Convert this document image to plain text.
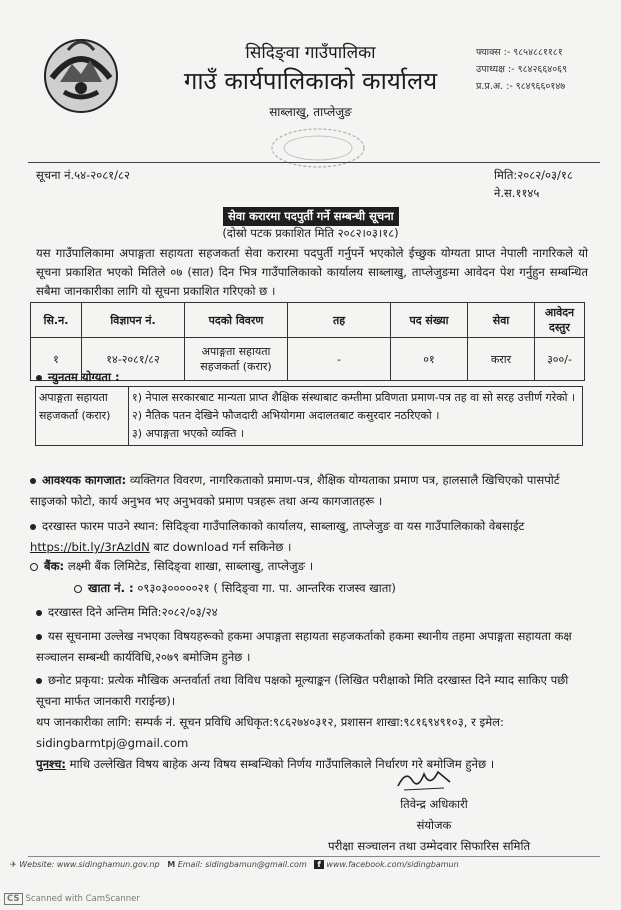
सिदिङ्वा गाउँपालिका
गाउँ कार्यपालिकाको कार्यालय
साब्लाखु, ताप्लेजुङ
फ्याक्स :- ९८५४८८११८१
उपाध्यक्ष :- ९८४२६६४०६९
प्र.प्र.अ. :- ९८४९६६०१४७
सूचना नं.५४-२०८१/८२	मिति:२०८२/०३/१८
ने.स.११४५
सेवा करारमा पदपुर्ती गर्ने सम्बन्धी सूचना
(दोस्रो पटक प्रकाशित मिति २०८२।०३।१८)
यस गाउँपालिकामा अपाङ्गता सहायता सहजकर्ता सेवा करारमा पदपुर्ती गर्नुपर्ने भएकोले ईच्छुक योग्यता प्राप्त नेपाली नागरिकले यो सूचना प्रकाशित भएको मितिले ०७ (सात) दिन भित्र गाउँपालिकाको कार्यालय साब्लाखु, ताप्लेजुङमा आवेदन पेश गर्नुहुन सम्बन्धित सबैमा जानकारीका लागि यो सूचना प्रकाशित गरिएको छ ।
सि.न.	विज्ञापन नं.	पदको विवरण	तह	पद संख्या	सेवा	आवेदन दस्तुर
१	१४-२०८१/८२	अपाङ्गता सहायता सहजकर्ता (करार)	-	०१	करार	३००/-
न्युनतम योग्यता :
अपाङ्गता सहायता सहजकर्ता (करार)	
१) नेपाल सरकारबाट मान्यता प्राप्त शैक्षिक संस्थाबाट कम्तीमा प्रविणता प्रमाण-पत्र तह वा सो सरह उत्तीर्ण गरेको ।
२) नैतिक पतन देखिने फौजदारी अभियोगमा अदालतबाट कसुरदार नठरिएको ।
३) अपाङ्गता भएको व्यक्ति ।
आवश्यक कागजात: व्यक्तिगत विवरण, नागरिकताको प्रमाण-पत्र, शैक्षिक योग्यताका प्रमाण पत्र, हालसालै खिचिएको पासपोर्ट साइजको फोटो, कार्य अनुभव भए अनुभवको प्रमाण पत्रहरू तथा अन्य कागजातहरू ।
दरखास्त फारम पाउने स्थान: सिदिङ्वा गाउँपालिकाको कार्यालय, साब्लाखु, ताप्लेजुङ वा यस गाउँपालिकाको वेबसाईट https://bit.ly/3rAzldN बाट download गर्न सकिनेछ ।
बैंक: लक्ष्मी बैंक लिमिटेड, सिदिङ्वा शाखा, साब्लाखु, ताप्लेजुङ ।
खाता नं. : ०९३०३०००००२१ ( सिदिङ्वा गा. पा. आन्तरिक राजस्व खाता)
दरखास्त दिने अन्तिम मिति:२०८२/०३/२४
यस सूचनामा उल्लेख नभएका विषयहरूको हकमा अपाङ्गता सहायता सहजकर्ताको हकमा स्थानीय तहमा अपाङ्गता सहायता कक्ष सञ्चालन सम्बन्धी कार्यविधि,२०७९ बमोजिम हुनेछ ।
छनोट प्रकृया: प्रत्येक मौखिक अन्तर्वार्ता तथा विविध पक्षको मूल्याङ्कन (लिखित परीक्षाको मिति दरखास्त दिने म्याद साकिए पछी सूचना मार्फत जानकारी गराईन्छ)।
थप जानकारीका लागि: सम्पर्क नं. सूचन प्रविधि अधिकृत:९८६२७४०३१२, प्रशासन शाखा:९८१६९४९१०३, र इमेल:
sidingbarmtpj@gmail.com
पुनश्च: माथि उल्लेखित विषय बाहेक अन्य विषय सम्बन्धिको निर्णय गाउँपालिकाले निर्धारण गरे बमोजिम हुनेछ ।
तिवेन्द्र अधिकारी
संयोजक
परीक्षा सञ्चालन तथा उम्मेदवार सिफारिस समिति
✈ Website: www.sidinghamun.gov.np M Email: sidingbamun@gmail.com f www.facebook.com/sidingbamun
CS Scanned with CamScanner
